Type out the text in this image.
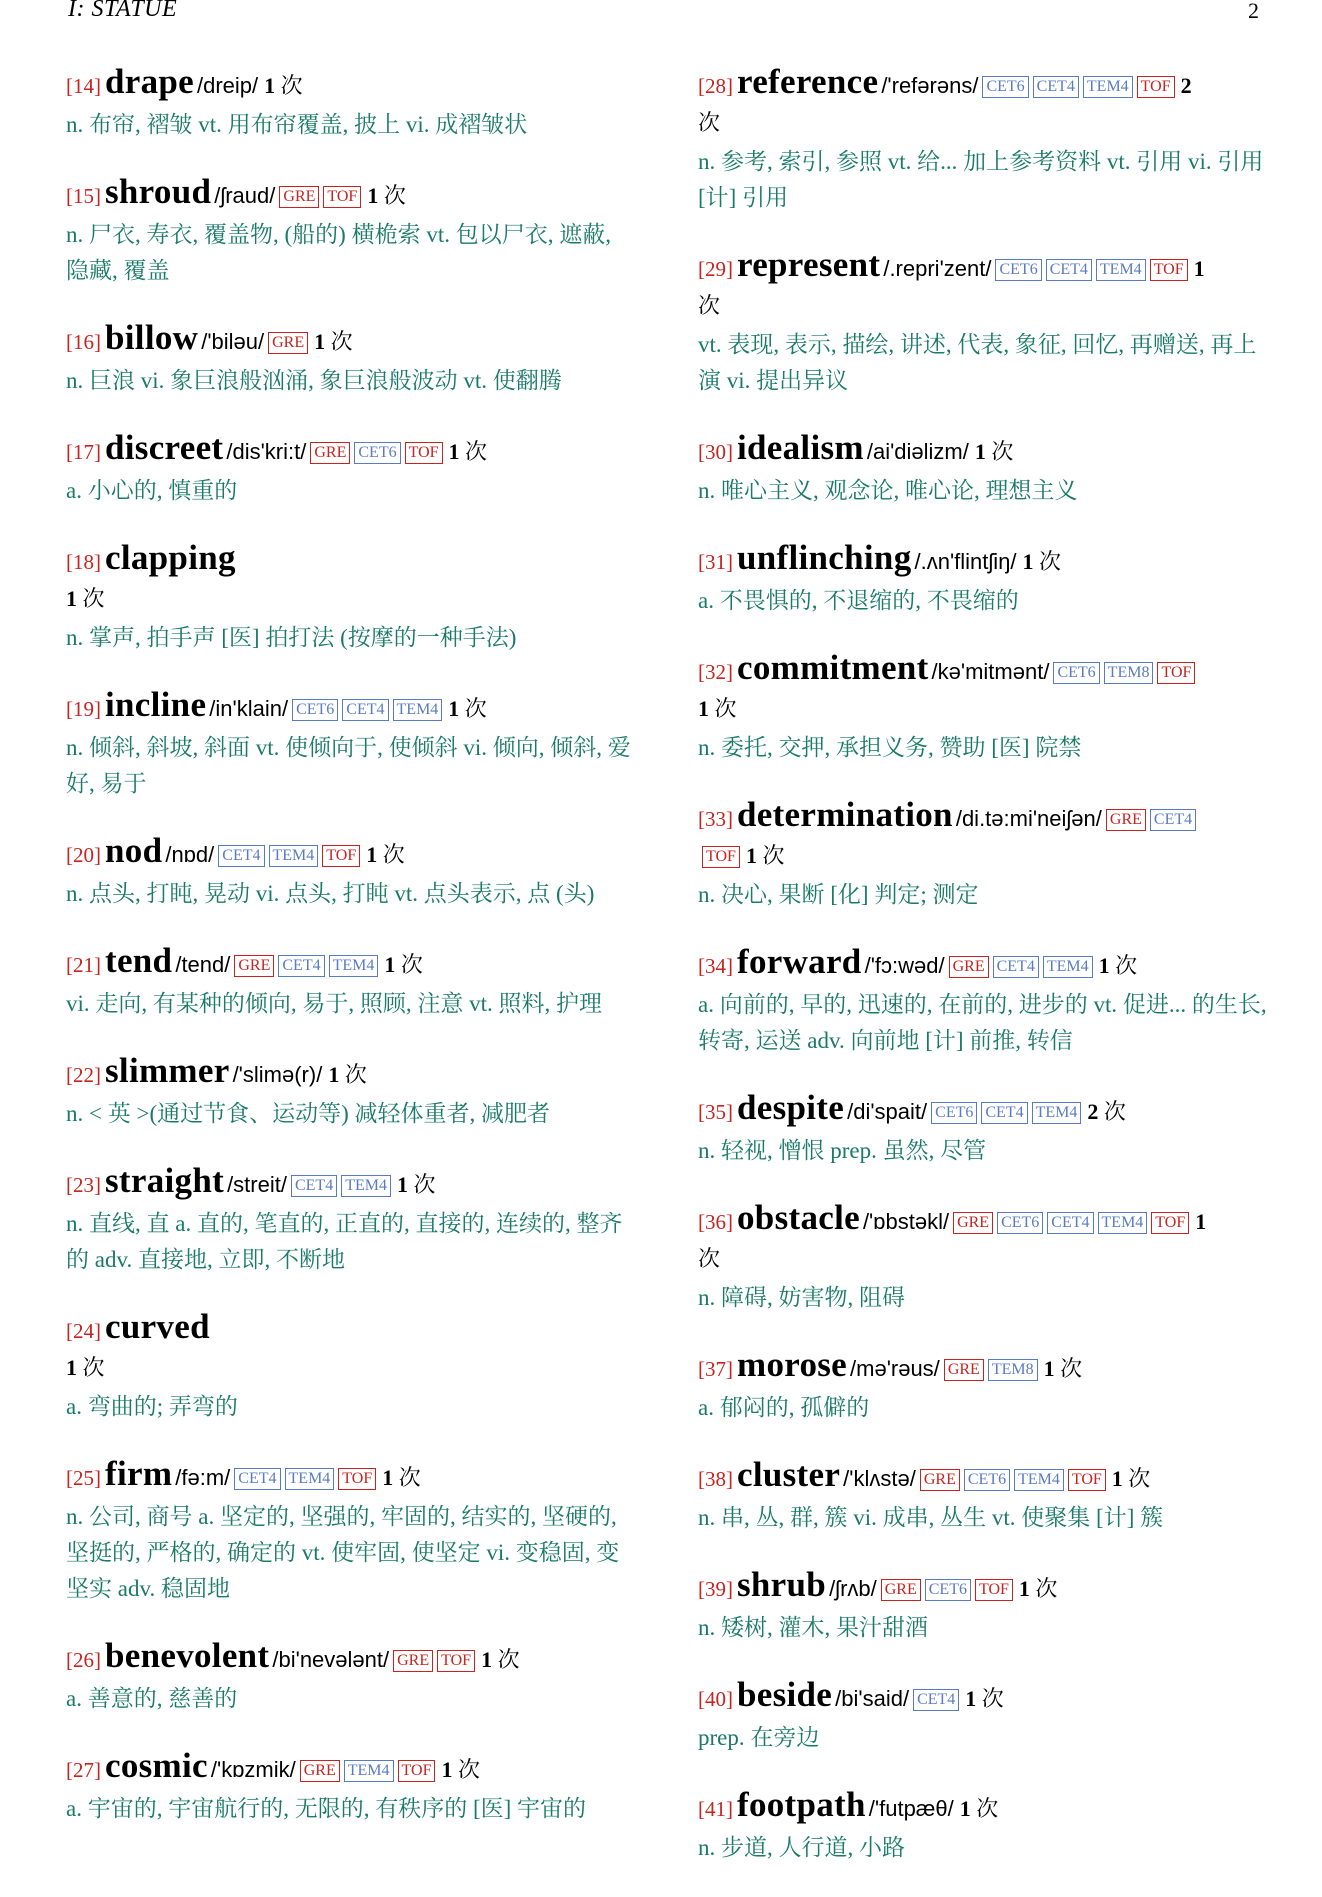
I: STATUE	2
[14] drape /dreip/ 1 次
n. 布帘, 褶皱 vt. 用布帘覆盖, 披上 vi. 成褶皱状
[15] shroud /ʃraud/ GRE TOF 1 次
n. 尸衣, 寿衣, 覆盖物, (船的) 横桅索 vt. 包以尸衣, 遮蔽, 隐藏, 覆盖
[16] billow /'biləu/ GRE 1 次
n. 巨浪 vi. 象巨浪般汹涌, 象巨浪般波动 vt. 使翻腾
[17] discreet /dis'kri:t/ GRE CET6 TOF 1 次
a. 小心的, 慎重的
[18] clapping
1 次
n. 掌声, 拍手声 [医] 拍打法 (按摩的一种手法)
[19] incline /in'klain/ CET6 CET4 TEM4 1 次
n. 倾斜, 斜坡, 斜面 vt. 使倾向于, 使倾斜 vi. 倾向, 倾斜, 爱好, 易于
[20] nod /nɒd/ CET4 TEM4 TOF 1 次
n. 点头, 打盹, 晃动 vi. 点头, 打盹 vt. 点头表示, 点 (头)
[21] tend /tend/ GRE CET4 TEM4 1 次
vi. 走向, 有某种的倾向, 易于, 照顾, 注意 vt. 照料, 护理
[22] slimmer /'slimə(r)/ 1 次
n. < 英 >(通过节食、运动等) 减轻体重者, 减肥者
[23] straight /streit/ CET4 TEM4 1 次
n. 直线, 直 a. 直的, 笔直的, 正直的, 直接的, 连续的, 整齐的 adv. 直接地, 立即, 不断地
[24] curved
1 次
a. 弯曲的; 弄弯的
[25] firm /fə:m/ CET4 TEM4 TOF 1 次
n. 公司, 商号 a. 坚定的, 坚强的, 牢固的, 结实的, 坚硬的, 坚挺的, 严格的, 确定的 vt. 使牢固, 使坚定 vi. 变稳固, 变坚实 adv. 稳固地
[26] benevolent /bi'nevələnt/ GRE TOF 1 次
a. 善意的, 慈善的
[27] cosmic /'kɒzmik/ GRE TEM4 TOF 1 次
a. 宇宙的, 宇宙航行的, 无限的, 有秩序的 [医] 宇宙的
[28] reference /'refərəns/ CET6 CET4 TEM4 TOF 2
次
n. 参考, 索引, 参照 vt. 给... 加上参考资料 vt. 引用 vi. 引用 [计] 引用
[29] represent /.repri'zent/ CET6 CET4 TEM4 TOF 1
次
vt. 表现, 表示, 描绘, 讲述, 代表, 象征, 回忆, 再赠送, 再上演 vi. 提出异议
[30] idealism /ai'diəlizm/ 1 次
n. 唯心主义, 观念论, 唯心论, 理想主义
[31] unflinching /.ʌn'flintʃiŋ/ 1 次
a. 不畏惧的, 不退缩的, 不畏缩的
[32] commitment /kə'mitmənt/ CET6 TEM8 TOF
1 次
n. 委托, 交押, 承担义务, 赞助 [医] 院禁
[33] determination /di.tə:mi'neiʃən/ GRE CET4
TOF 1 次
n. 决心, 果断 [化] 判定; 测定
[34] forward /'fɔ:wəd/ GRE CET4 TEM4 1 次
a. 向前的, 早的, 迅速的, 在前的, 进步的 vt. 促进... 的生长, 转寄, 运送 adv. 向前地 [计] 前推, 转信
[35] despite /di'spait/ CET6 CET4 TEM4 2 次
n. 轻视, 憎恨 prep. 虽然, 尽管
[36] obstacle /'ɒbstəkl/ GRE CET6 CET4 TEM4 TOF 1
次
n. 障碍, 妨害物, 阻碍
[37] morose /mə'rəus/ GRE TEM8 1 次
a. 郁闷的, 孤僻的
[38] cluster /'klʌstə/ GRE CET6 TEM4 TOF 1 次
n. 串, 丛, 群, 簇 vi. 成串, 丛生 vt. 使聚集 [计] 簇
[39] shrub /ʃrʌb/ GRE CET6 TOF 1 次
n. 矮树, 灌木, 果汁甜酒
[40] beside /bi'said/ CET4 1 次
prep. 在旁边
[41] footpath /'futpæθ/ 1 次
n. 步道, 人行道, 小路
